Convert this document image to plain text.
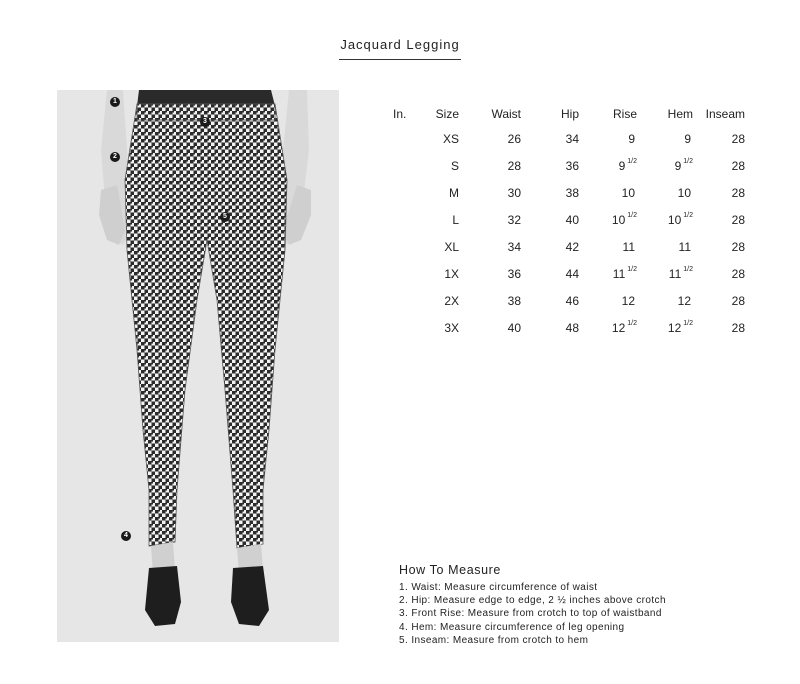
Jacquard Legging
1
2
3
4
5
In.	Size	Waist	Hip	Rise	Hem	Inseam
	XS	26	34	9	9	28
	S	28	36	9 $^{1/2}$	9 $^{1/2}$	28
	M	30	38	10	10	28
	L	32	40	10 $^{1/2}$	10 $^{1/2}$	28
	XL	34	42	11	11	28
	1X	36	44	11 $^{1/2}$	11 $^{1/2}$	28
	2X	38	46	12	12	28
	3X	40	48	12 $^{1/2}$	12 $^{1/2}$	28
How To Measure
1. Waist: Measure circumference of waist
2. Hip: Measure edge to edge, 2 ½ inches above crotch
3. Front Rise: Measure from crotch to top of waistband
4. Hem: Measure circumference of leg opening
5. Inseam: Measure from crotch to hem
